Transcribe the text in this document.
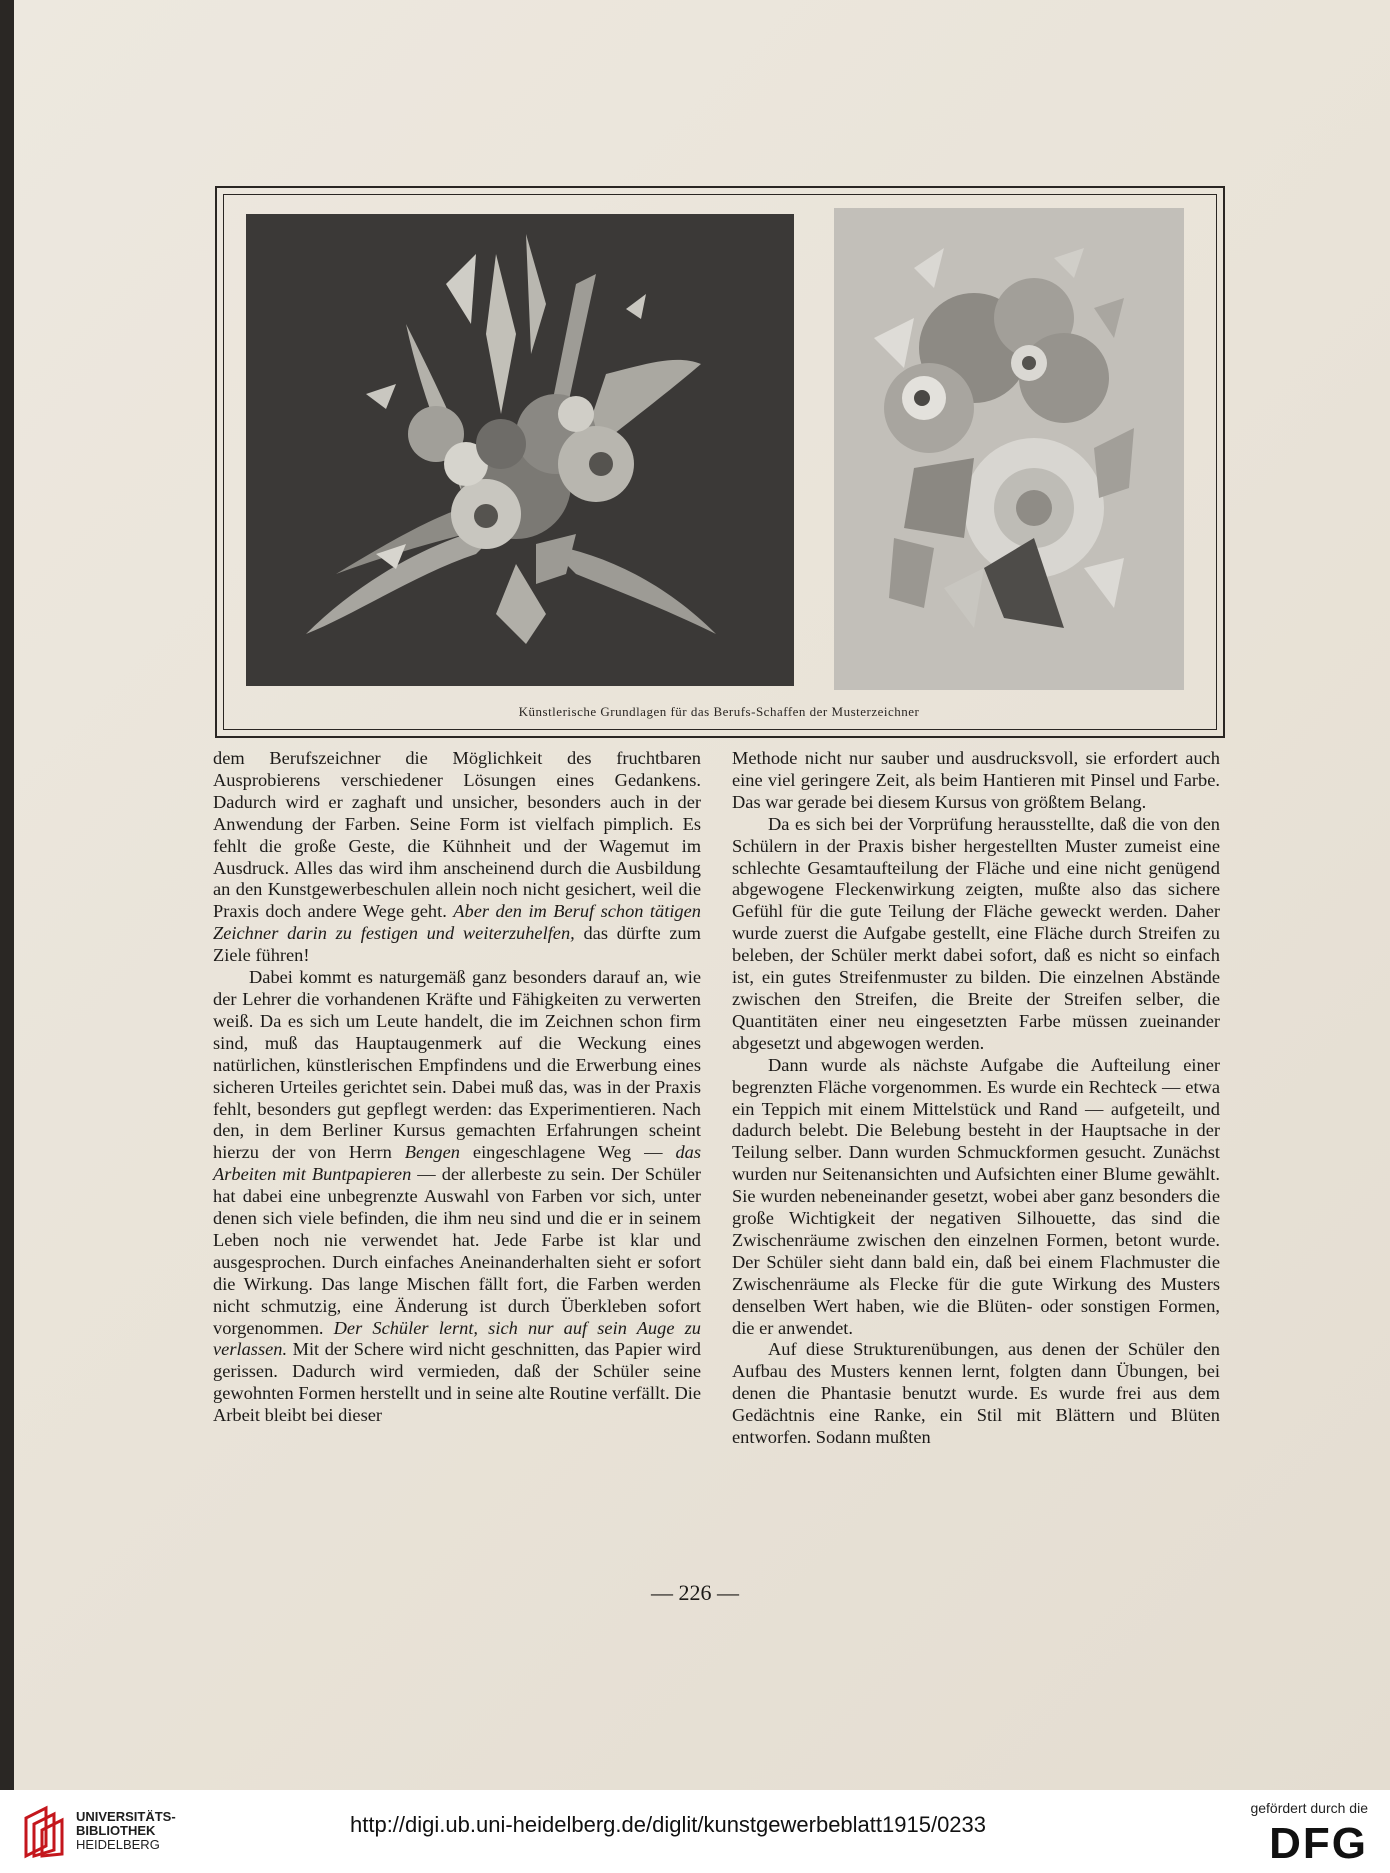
Künstlerische Grundlagen für das Berufs-Schaffen der Musterzeichner

dem Berufszeichner die Möglichkeit des fruchtbaren Ausprobierens verschiedener Lösungen eines Gedankens. Dadurch wird er zaghaft und unsicher, besonders auch in der Anwendung der Farben. Seine Form ist vielfach pimplich. Es fehlt die große Geste, die Kühnheit und der Wagemut im Ausdruck. Alles das wird ihm anscheinend durch die Ausbildung an den Kunstgewerbeschulen allein noch nicht gesichert, weil die Praxis doch andere Wege geht. Aber den im Beruf schon tätigen Zeichner darin zu festigen und weiterzuhelfen, das dürfte zum Ziele führen!

Dabei kommt es naturgemäß ganz besonders darauf an, wie der Lehrer die vorhandenen Kräfte und Fähigkeiten zu verwerten weiß. Da es sich um Leute handelt, die im Zeichnen schon firm sind, muß das Hauptaugenmerk auf die Weckung eines natürlichen, künstlerischen Empfindens und die Erwerbung eines sicheren Urteiles gerichtet sein. Dabei muß das, was in der Praxis fehlt, besonders gut gepflegt werden: das Experimentieren. Nach den, in dem Berliner Kursus gemachten Erfahrungen scheint hierzu der von Herrn Bengen eingeschlagene Weg — das Arbeiten mit Buntpapieren — der allerbeste zu sein. Der Schüler hat dabei eine unbegrenzte Auswahl von Farben vor sich, unter denen sich viele befinden, die ihm neu sind und die er in seinem Leben noch nie verwendet hat. Jede Farbe ist klar und ausgesprochen. Durch einfaches Aneinanderhalten sieht er sofort die Wirkung. Das lange Mischen fällt fort, die Farben werden nicht schmutzig, eine Änderung ist durch Überkleben sofort vorgenommen. Der Schüler lernt, sich nur auf sein Auge zu verlassen. Mit der Schere wird nicht geschnitten, das Papier wird gerissen. Dadurch wird vermieden, daß der Schüler seine gewohnten Formen herstellt und in seine alte Routine verfällt. Die Arbeit bleibt bei dieser

Methode nicht nur sauber und ausdrucksvoll, sie erfordert auch eine viel geringere Zeit, als beim Hantieren mit Pinsel und Farbe. Das war gerade bei diesem Kursus von größtem Belang.

Da es sich bei der Vorprüfung herausstellte, daß die von den Schülern in der Praxis bisher hergestellten Muster zumeist eine schlechte Gesamtaufteilung der Fläche und eine nicht genügend abgewogene Fleckenwirkung zeigten, mußte also das sichere Gefühl für die gute Teilung der Fläche geweckt werden. Daher wurde zuerst die Aufgabe gestellt, eine Fläche durch Streifen zu beleben, der Schüler merkt dabei sofort, daß es nicht so einfach ist, ein gutes Streifenmuster zu bilden. Die einzelnen Abstände zwischen den Streifen, die Breite der Streifen selber, die Quantitäten einer neu eingesetzten Farbe müssen zueinander abgesetzt und abgewogen werden.

Dann wurde als nächste Aufgabe die Aufteilung einer begrenzten Fläche vorgenommen. Es wurde ein Rechteck — etwa ein Teppich mit einem Mittelstück und Rand — aufgeteilt, und dadurch belebt. Die Belebung besteht in der Hauptsache in der Teilung selber. Dann wurden Schmuckformen gesucht. Zunächst wurden nur Seitenansichten und Aufsichten einer Blume gewählt. Sie wurden nebeneinander gesetzt, wobei aber ganz besonders die große Wichtigkeit der negativen Silhouette, das sind die Zwischenräume zwischen den einzelnen Formen, betont wurde. Der Schüler sieht dann bald ein, daß bei einem Flachmuster die Zwischenräume als Flecke für die gute Wirkung des Musters denselben Wert haben, wie die Blüten- oder sonstigen Formen, die er anwendet.

Auf diese Strukturenübungen, aus denen der Schüler den Aufbau des Musters kennen lernt, folgten dann Übungen, bei denen die Phantasie benutzt wurde. Es wurde frei aus dem Gedächtnis eine Ranke, ein Stil mit Blättern und Blüten entworfen. Sodann mußten

— 226 —
UNIVERSITÄTS-
BIBLIOTHEK
HEIDELBERG
http://digi.ub.uni-heidelberg.de/diglit/kunstgewerbeblatt1915/0233
gefördert durch die
DFG
